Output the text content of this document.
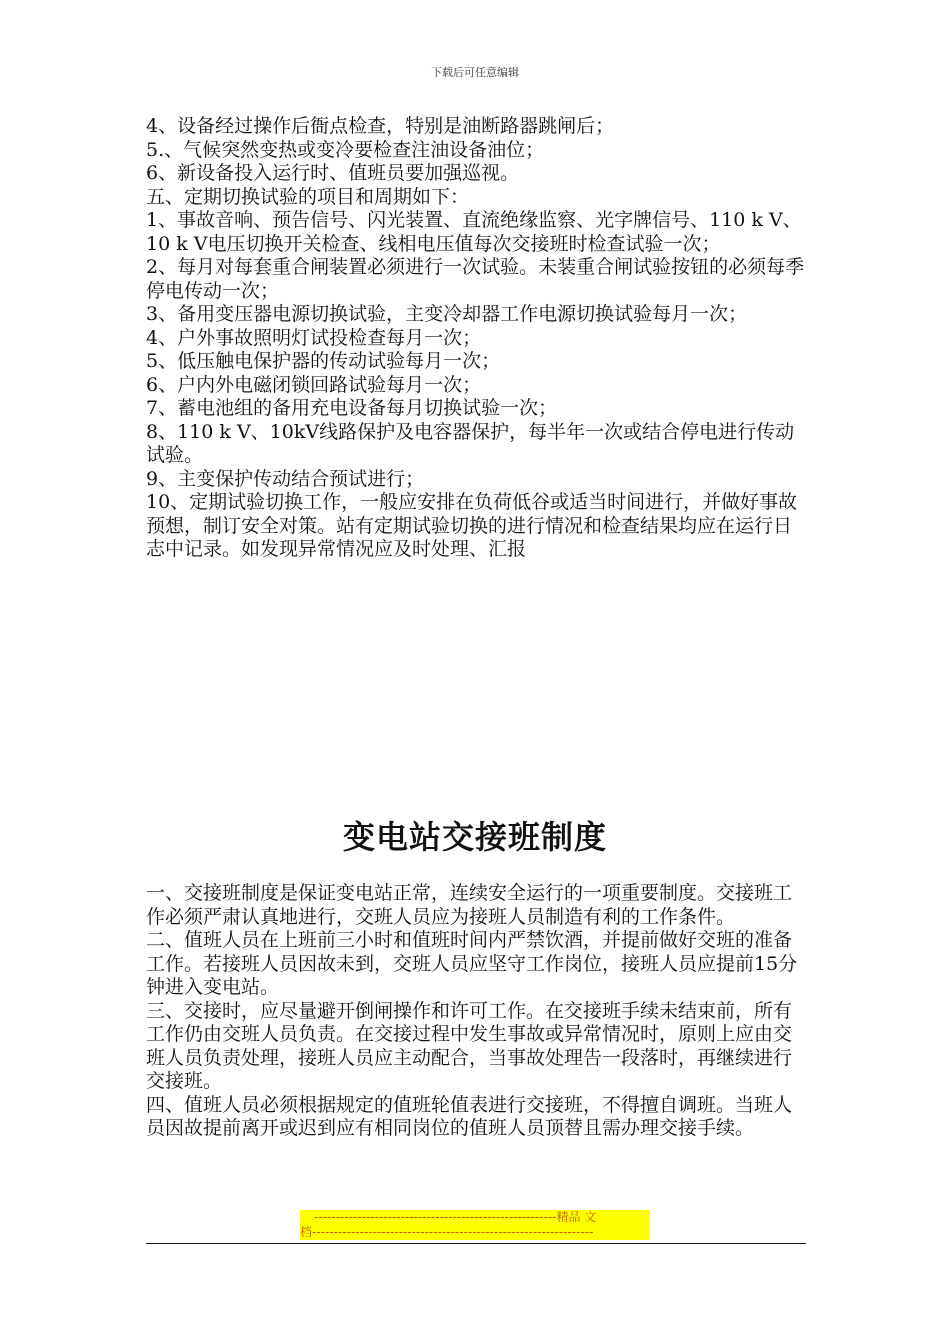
下载后可任意编辑

4、设备经过操作后衙点检查，特别是油断路器跳闸后；

5.、气候突然变热或变冷要检查注油设备油位；

6、新设备投入运行时、值班员要加强巡视。

五、定期切换试验的项目和周期如下：

1、事故音响、预告信号、闪光装置、直流绝缘监察、光字牌信号、110 k V、10 k V电压切换开关检查、线相电压值每次交接班时检查试验一次；

2、每月对每套重合闸装置必须进行一次试验。未装重合闸试验按钮的必须每季停电传动一次；

3、备用变压器电源切换试验，主变冷却器工作电源切换试验每月一次；

4、户外事故照明灯试投检查每月一次；

5、低压触电保护器的传动试验每月一次；

6、户内外电磁闭锁回路试验每月一次；

7、蓄电池组的备用充电设备每月切换试验一次；

8、110 k V、10kV线路保护及电容器保护，每半年一次或结合停电进行传动试验。

9、主变保护传动结合预试进行；

10、定期试验切换工作，一般应安排在负荷低谷或适当时间进行，并做好事故预想，制订安全对策。站有定期试验切换的进行情况和检查结果均应在运行日志中记录。如发现异常情况应及时处理、汇报

变电站交接班制度

一、交接班制度是保证变电站正常，连续安全运行的一项重要制度。交接班工作必须严肃认真地进行，交班人员应为接班人员制造有利的工作条件。

二、值班人员在上班前三小时和值班时间内严禁饮酒，并提前做好交班的准备工作。若接班人员因故未到，交班人员应坚守工作岗位，接班人员应提前15分钟进入变电站。

三、交接时，应尽量避开倒闸操作和许可工作。在交接班手续未结束前，所有工作仍由交班人员负责。在交接过程中发生事故或异常情况时，原则上应由交班人员负责处理，接班人员应主动配合，当事故处理告一段落时，再继续进行交接班。

四、值班人员必须根据规定的值班轮值表进行交接班，不得擅自调班。当班人员因故提前离开或迟到应有相同岗位的值班人员顶替且需办理交接手续。

--------------------------------------------------------精品 文
档-----------------------------------------------------------------
